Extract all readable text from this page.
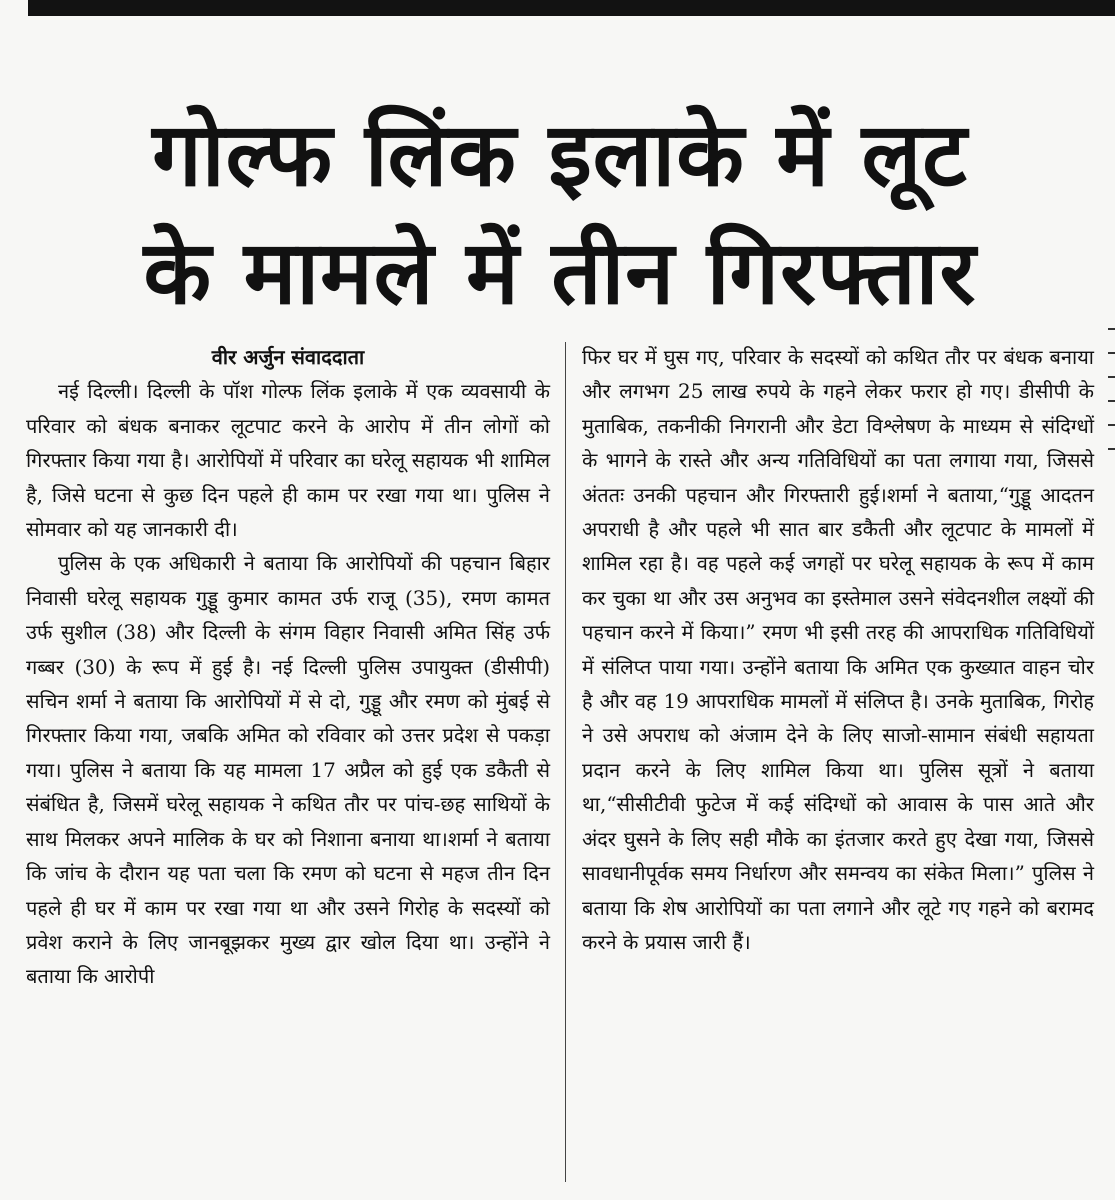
गोल्फ लिंक इलाके में लूट
के मामले में तीन गिरफ्तार

वीर अर्जुन संवाददाता

नई दिल्ली। दिल्ली के पॉश गोल्फ लिंक इलाके में एक व्यवसायी के परिवार को बंधक बनाकर लूटपाट करने के आरोप में तीन लोगों को गिरफ्तार किया गया है। आरोपियों में परिवार का घरेलू सहायक भी शामिल है, जिसे घटना से कुछ दिन पहले ही काम पर रखा गया था। पुलिस ने सोमवार को यह जानकारी दी।

पुलिस के एक अधिकारी ने बताया कि आरोपियों की पहचान बिहार निवासी घरेलू सहायक गुड्डू कुमार कामत उर्फ राजू (35), रमण कामत उर्फ सुशील (38) और दिल्ली के संगम विहार निवासी अमित सिंह उर्फ गब्बर (30) के रूप में हुई है। नई दिल्ली पुलिस उपायुक्त (डीसीपी) सचिन शर्मा ने बताया कि आरोपियों में से दो, गुड्डू और रमण को मुंबई से गिरफ्तार किया गया, जबकि अमित को रविवार को उत्तर प्रदेश से पकड़ा गया। पुलिस ने बताया कि यह मामला 17 अप्रैल को हुई एक डकैती से संबंधित है, जिसमें घरेलू सहायक ने कथित तौर पर पांच-छह साथियों के साथ मिलकर अपने मालिक के घर को निशाना बनाया था।शर्मा ने बताया कि जांच के दौरान यह पता चला कि रमण को घटना से महज तीन दिन पहले ही घर में काम पर रखा गया था और उसने गिरोह के सदस्यों को प्रवेश कराने के लिए जानबूझकर मुख्य द्वार खोल दिया था। उन्होंने ने बताया कि आरोपी

फिर घर में घुस गए, परिवार के सदस्यों को कथित तौर पर बंधक बनाया और लगभग 25 लाख रुपये के गहने लेकर फरार हो गए। डीसीपी के मुताबिक, तकनीकी निगरानी और डेटा विश्लेषण के माध्यम से संदिग्धों के भागने के रास्ते और अन्य गतिविधियों का पता लगाया गया, जिससे अंततः उनकी पहचान और गिरफ्तारी हुई।शर्मा ने बताया,“गुड्डू आदतन अपराधी है और पहले भी सात बार डकैती और लूटपाट के मामलों में शामिल रहा है। वह पहले कई जगहों पर घरेलू सहायक के रूप में काम कर चुका था और उस अनुभव का इस्तेमाल उसने संवेदनशील लक्ष्यों की पहचान करने में किया।” रमण भी इसी तरह की आपराधिक गतिविधियों में संलिप्त पाया गया। उन्होंने बताया कि अमित एक कुख्यात वाहन चोर है और वह 19 आपराधिक मामलों में संलिप्त है। उनके मुताबिक, गिरोह ने उसे अपराध को अंजाम देने के लिए साजो-सामान संबंधी सहायता प्रदान करने के लिए शामिल किया था। पुलिस सूत्रों ने बताया था,“सीसीटीवी फुटेज में कई संदिग्धों को आवास के पास आते और अंदर घुसने के लिए सही मौके का इंतजार करते हुए देखा गया, जिससे सावधानीपूर्वक समय निर्धारण और समन्वय का संकेत मिला।” पुलिस ने बताया कि शेष आरोपियों का पता लगाने और लूटे गए गहने को बरामद करने के प्रयास जारी हैं।
